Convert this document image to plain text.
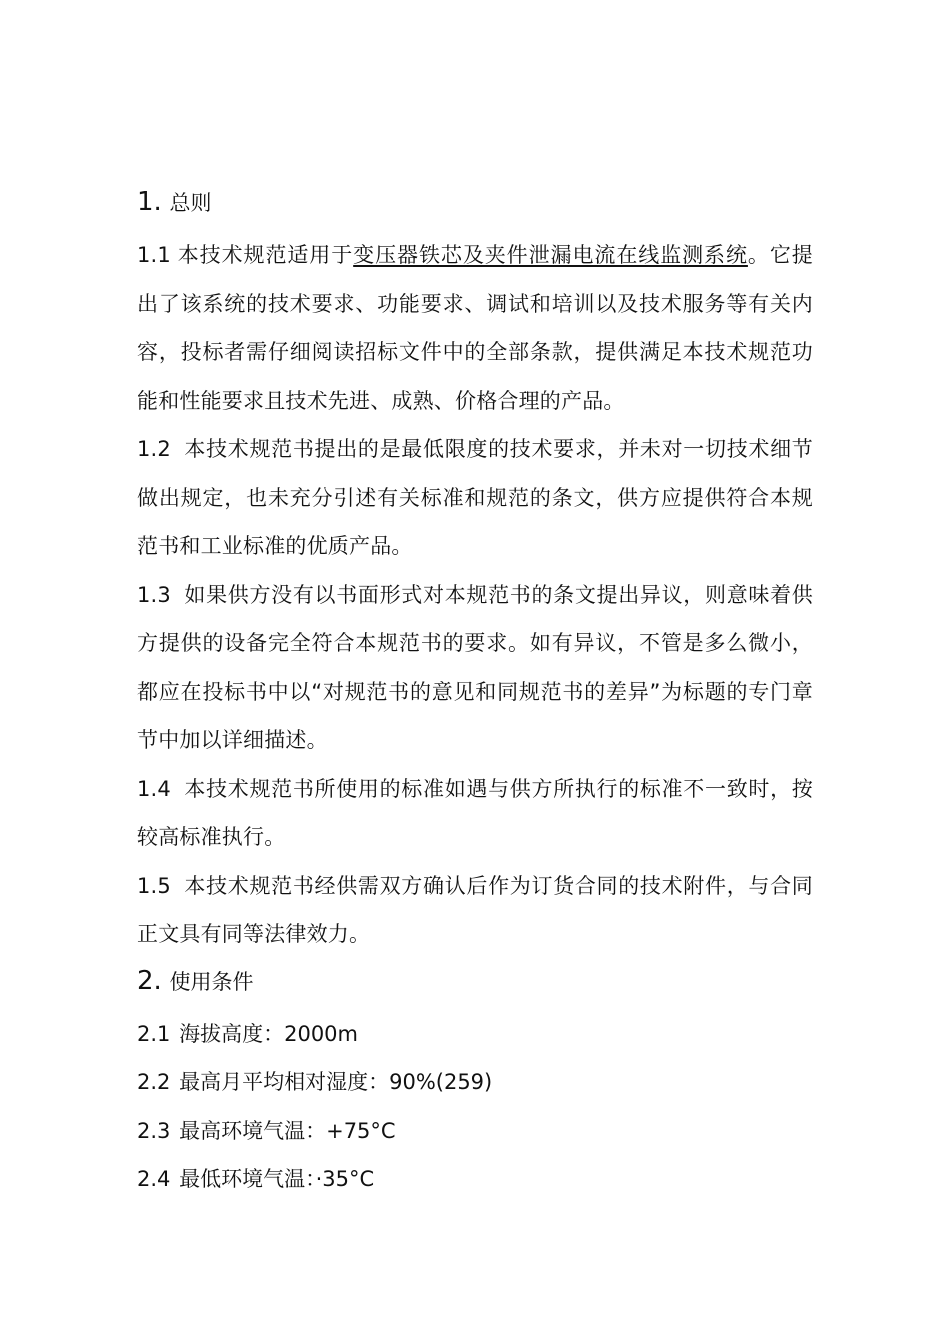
1. 总则

1.1 本技术规范适用于变压器铁芯及夹件泄漏电流在线监测系统。它提出了该系统的技术要求、功能要求、调试和培训以及技术服务等有关内容，投标者需仔细阅读招标文件中的全部条款，提供满足本技术规范功能和性能要求且技术先进、成熟、价格合理的产品。

1.2 本技术规范书提出的是最低限度的技术要求，并未对一切技术细节做出规定，也未充分引述有关标准和规范的条文，供方应提供符合本规范书和工业标准的优质产品。

1.3 如果供方没有以书面形式对本规范书的条文提出异议，则意味着供方提供的设备完全符合本规范书的要求。如有异议，不管是多么微小，都应在投标书中以“对规范书的意见和同规范书的差异”为标题的专门章节中加以详细描述。

1.4 本技术规范书所使用的标准如遇与供方所执行的标准不一致时，按较高标准执行。

1.5 本技术规范书经供需双方确认后作为订货合同的技术附件，与合同正文具有同等法律效力。

2. 使用条件

2.1 海拔高度：2000m

2.2 最高月平均相对湿度：90%(259)

2.3 最高环境气温：+75°C

2.4 最低环境气温：·35°C
